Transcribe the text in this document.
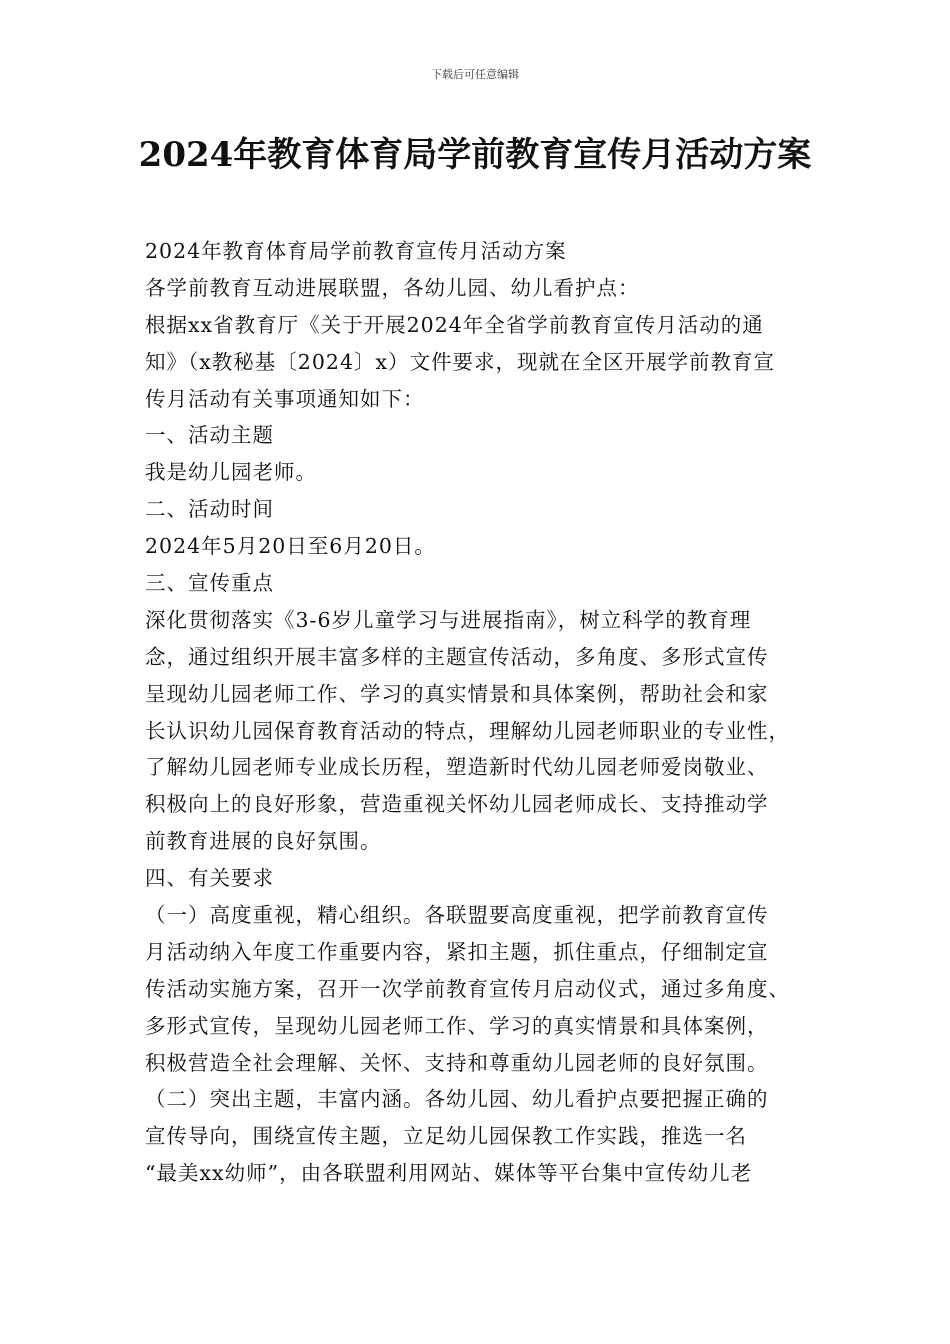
下载后可任意编辑
2024年教育体育局学前教育宣传月活动方案
2024年教育体育局学前教育宣传月活动方案
各学前教育互动进展联盟，各幼儿园、幼儿看护点：
根据xx省教育厅《关于开展2024年全省学前教育宣传月活动的通
知》（x教秘基〔2024〕x）文件要求，现就在全区开展学前教育宣
传月活动有关事项通知如下：
一、活动主题
我是幼儿园老师。
二、活动时间
2024年5月20日至6月20日。
三、宣传重点
深化贯彻落实《3-6岁儿童学习与进展指南》，树立科学的教育理
念，通过组织开展丰富多样的主题宣传活动，多角度、多形式宣传
呈现幼儿园老师工作、学习的真实情景和具体案例，帮助社会和家
长认识幼儿园保育教育活动的特点，理解幼儿园老师职业的专业性，
了解幼儿园老师专业成长历程，塑造新时代幼儿园老师爱岗敬业、
积极向上的良好形象，营造重视关怀幼儿园老师成长、支持推动学
前教育进展的良好氛围。
四、有关要求
（一）高度重视，精心组织。各联盟要高度重视，把学前教育宣传
月活动纳入年度工作重要内容，紧扣主题，抓住重点，仔细制定宣
传活动实施方案，召开一次学前教育宣传月启动仪式，通过多角度、
多形式宣传，呈现幼儿园老师工作、学习的真实情景和具体案例，
积极营造全社会理解、关怀、支持和尊重幼儿园老师的良好氛围。
（二）突出主题，丰富内涵。各幼儿园、幼儿看护点要把握正确的
宣传导向，围绕宣传主题，立足幼儿园保教工作实践，推选一名
“最美xx幼师”，由各联盟利用网站、媒体等平台集中宣传幼儿老
